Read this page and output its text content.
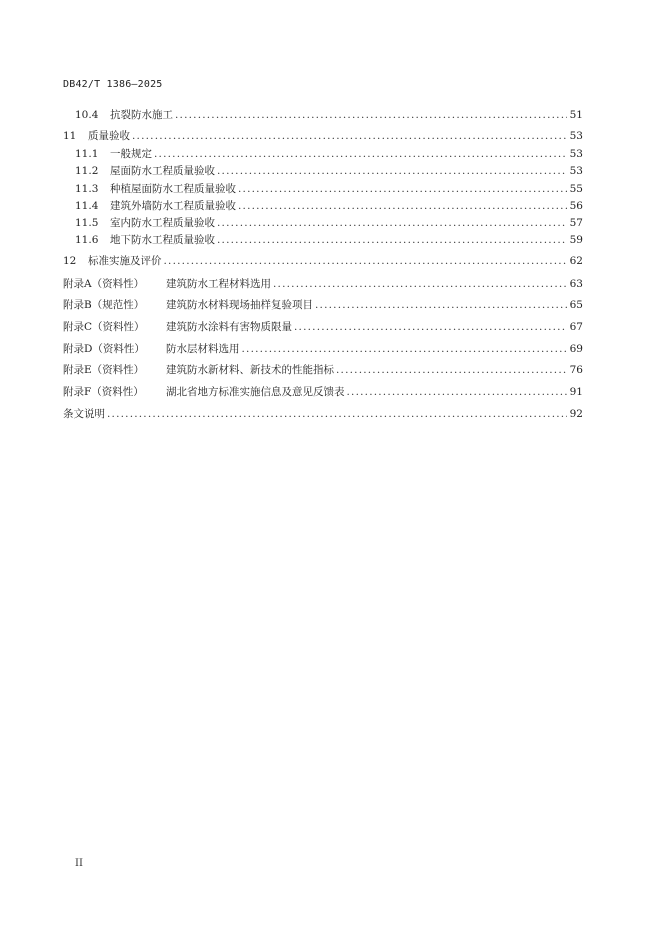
DB42/T 1386—2025
10.4	抗裂防水施工 .....	51
11	质量验收 .....	53
11.1	一般规定 .....	53
11.2	屋面防水工程质量验收 .....	53
11.3	种植屋面防水工程质量验收 .....	55
11.4	建筑外墙防水工程质量验收 .....	56
11.5	室内防水工程质量验收 .....	57
11.6	地下防水工程质量验收 .....	59
12	标准实施及评价 .....	62
附录A（资料性）	建筑防水工程材料选用 .....	63
附录B（规范性）	建筑防水材料现场抽样复验项目 .....	65
附录C（资料性）	建筑防水涂料有害物质限量 .....	67
附录D（资料性）	防水层材料选用 .....	69
附录E（资料性）	建筑防水新材料、新技术的性能指标 .....	76
附录F（资料性）	湖北省地方标准实施信息及意见反馈表 .....	91
条文说明 .....	92
II
